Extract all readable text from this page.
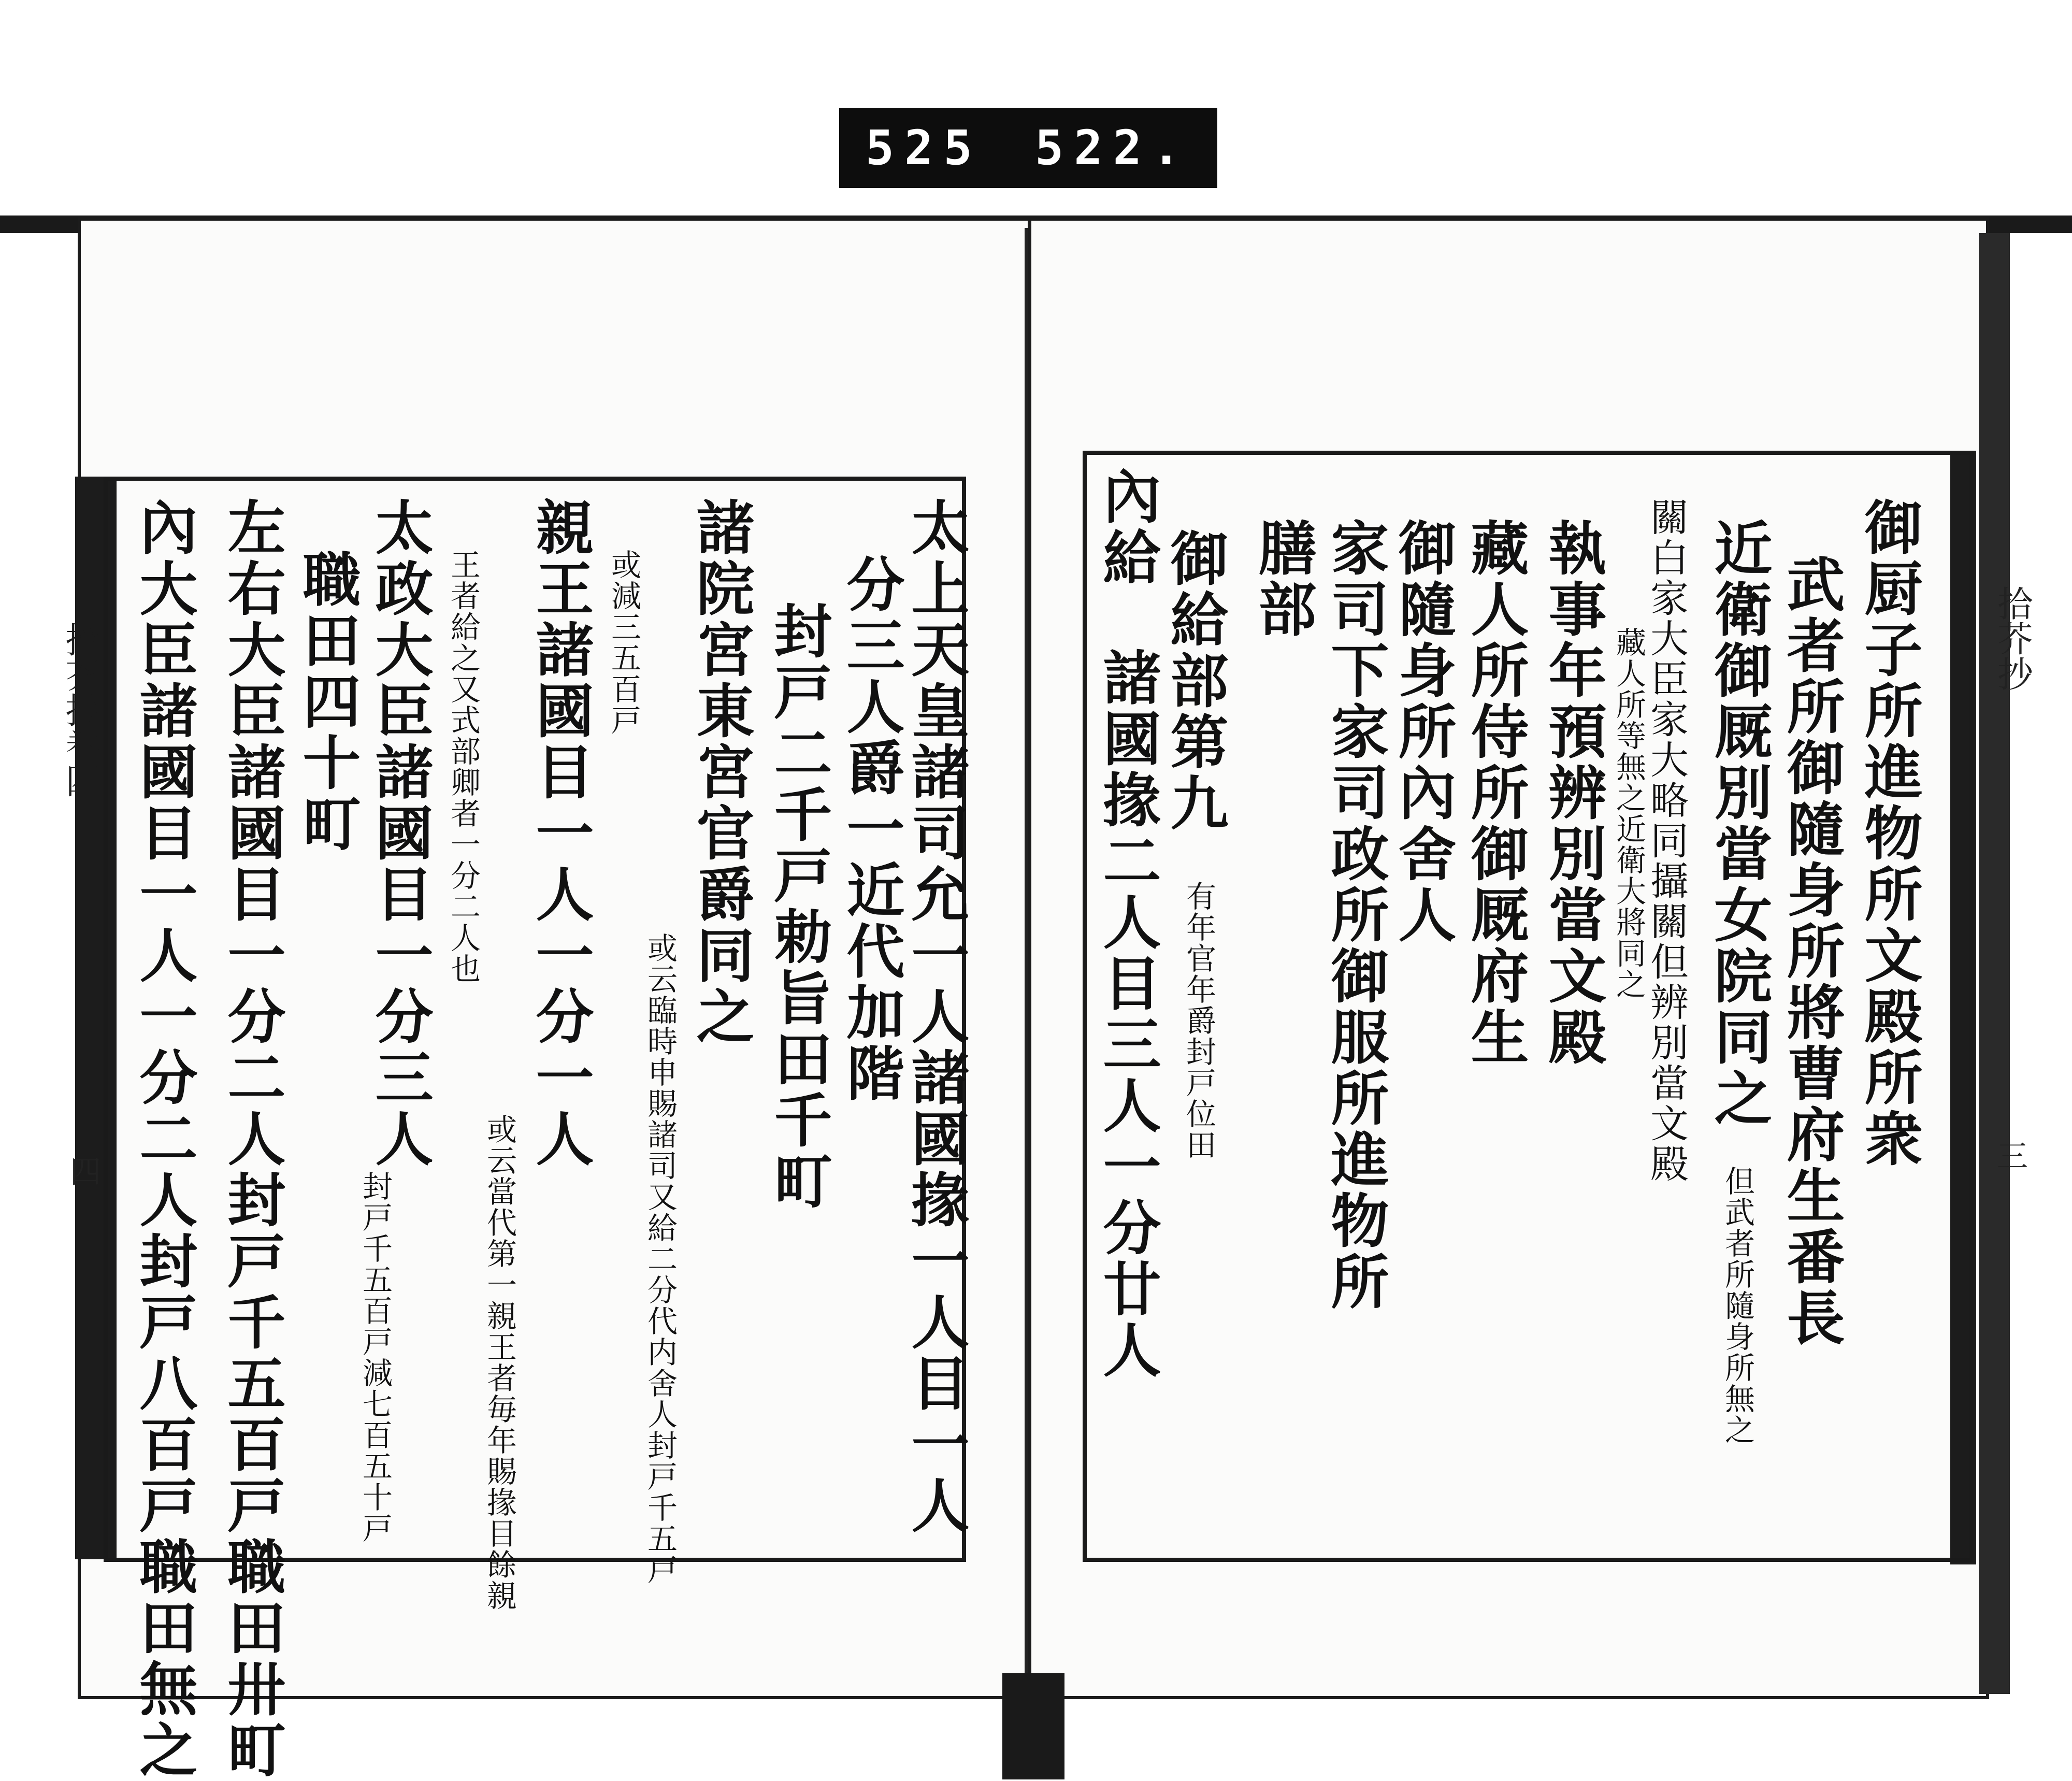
525 522.
拾芥抄卷四
四
拾芥抄
三
太上天皇諸司允一人諸國掾一人目一人
分三人爵一近代加階
封戸二千戸勅旨田千町
諸院宮東宮官爵同之
或云臨時申賜諸司又給二分代内舍人封戸千五戸
或減三五百戸
親王諸國目一人一分一人
或云當代第一親王者毎年賜掾目餘親
王者給之又式部卿者一分二人也
太政大臣諸國目一分三人
封戸千五百戸減七百五十戸
職田四十町
左右大臣諸國目一分二人封戸千五百戸職田卅町
內大臣諸國目一人一分二人封戸八百戸職田無之	御厨子所進物所文殿所衆
武者所御隨身所將曹府生番長
近衛御厩別當女院同之
但武者所隨身所無之
關白家大臣家大略同攝關但辨別當文殿
藏人所等無之近衛大將同之
執事年預辨別當文殿
藏人所侍所御厩府生
御隨身所內舍人
家司下家司政所御服所進物所
膳部
御給部第九
有年官年爵封戸位田
諸國掾二人目三人一分廿人
內給
